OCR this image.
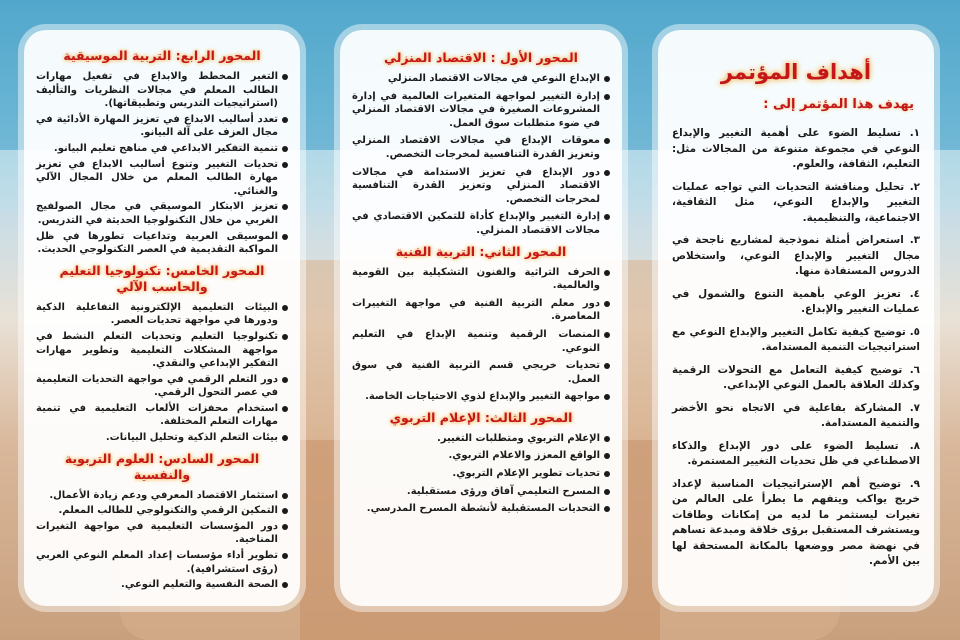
أهداف المؤتمر
يهدف هذا المؤتمر إلى :
١. تسليط الضوء على أهمية التغيير والإبداع النوعي في مجموعة متنوعة من المجالات مثل: التعليم، الثقافة، والعلوم.
٢. تحليل ومناقشة التحديات التي تواجه عمليات التغيير والإبداع النوعي، مثل الثقافية، الاجتماعية، والتنظيمية.
٣. استعراض أمثلة نموذجية لمشاريع ناجحة في مجال التغيير والإبداع النوعي، واستخلاص الدروس المستفادة منها.
٤. تعزيز الوعي بأهمية التنوع والشمول في عمليات التغيير والإبداع.
٥. توضيح كيفية تكامل التغيير والإبداع النوعي مع استراتيجيات التنمية المستدامة.
٦. توضيح كيفية التعامل مع التحولات الرقمية وكذلك العلاقة بالعمل النوعي الإبداعي.
٧. المشاركة بفاعلية في الاتجاه نحو الأخضر والتنمية المستدامة.
٨. تسليط الضوء على دور الإبداع والذكاء الاصطناعي في ظل تحديات التغيير المستمرة.
٩. توضيح أهم الإستراتيجيات المناسبة لإعداد خريج يواكب ويتفهم ما يطرأ على العالم من تغيرات ليستثمر ما لديه من إمكانات وطاقات ويستشرف المستقبل برؤى خلاقة ومبدعة تساهم في نهضة مصر ووضعها بالمكانة المستحقة لها بين الأمم.
المحور الأول : الاقتصاد المنزلي
الإبداع النوعي في مجالات الاقتصاد المنزلي
إدارة التغيير لمواجهة المتغيرات العالمية في إدارة المشروعات الصغيرة في مجالات الاقتصاد المنزلي في ضوء متطلبات سوق العمل.
معوقات الإبداع في مجالات الاقتصاد المنزلي وتعزيز القدرة التنافسية لمخرجات التخصص.
دور الإبداع في تعزيز الاستدامة في مجالات الاقتصاد المنزلي وتعزيز القدرة التنافسية لمخرجات التخصص.
إدارة التغيير والإبداع كأداة للتمكين الاقتصادي في مجالات الاقتصاد المنزلي.
المحور الثاني: التربية الفنية
الحرف التراثية والفنون التشكيلية بين القومية والعالمية.
دور معلم التربية الفنية في مواجهة التغييرات المعاصرة.
المنصات الرقمية وتنمية الإبداع في التعليم النوعي.
تحديات خريجي قسم التربية الفنية في سوق العمل.
مواجهة التغيير والإبداع لذوي الاحتياجات الخاصة.
المحور الثالث: الإعلام التربوي
الإعلام التربوي ومتطلبات التغيير.
الواقع المعزز والاعلام التربوي.
تحديات تطوير الإعلام التربوي.
المسرح التعليمي آفاق ورؤى مستقبلية.
التحديات المستقبلية لأنشطة المسرح المدرسي.
المحور الرابع: التربية الموسيقية
التغير المخطط والابداع في تفعيل مهارات الطالب المعلم في مجالات النظريات والتأليف (استراتيجيات التدريس وتطبيقاتها).
تعدد أساليب الابداع في تعزيز المهارة الأدائية في مجال العزف على آلة البيانو.
تنمية التفكير الابداعي في مناهج تعليم البيانو.
تحديات التغيير وتنوع أساليب الابداع في تعزيز مهارة الطالب المعلم من خلال المجال الآلي والغنائي.
تعزيز الابتكار الموسيقي في مجال الصولفيج الغربي من خلال التكنولوجيا الحديثة في التدريس.
الموسيقى العربية وتداعيات تطورها في ظل المواكبة التقديمية في العصر التكنولوجي الحديث.
المحور الخامس: تكنولوجيا التعليم والحاسب الآلي
البيئات التعليمية الإلكترونية التفاعلية الذكية ودورها في مواجهة تحديات العصر.
تكنولوجيا التعليم وتحديات التعلم النشط في مواجهة المشكلات التعليمية وتطوير مهارات التفكير الإبداعي والنقدي.
دور التعلم الرقمي في مواجهة التحديات التعليمية في عصر التحول الرقمي.
استخدام محفزات الألعاب التعليمية في تنمية مهارات التعلم المختلفة.
بيئات التعلم الذكية وتحليل البيانات.
المحور السادس: العلوم التربوية والنفسية
استثمار الاقتصاد المعرفي ودعم زيادة الأعمال.
التمكين الرقمي والتكنولوجي للطالب المعلم.
دور المؤسسات التعليمية في مواجهة التغيرات المناخية.
تطوير أداء مؤسسات إعداد المعلم النوعي العربي (رؤى استشرافية).
الصحة النفسية والتعليم النوعي.
